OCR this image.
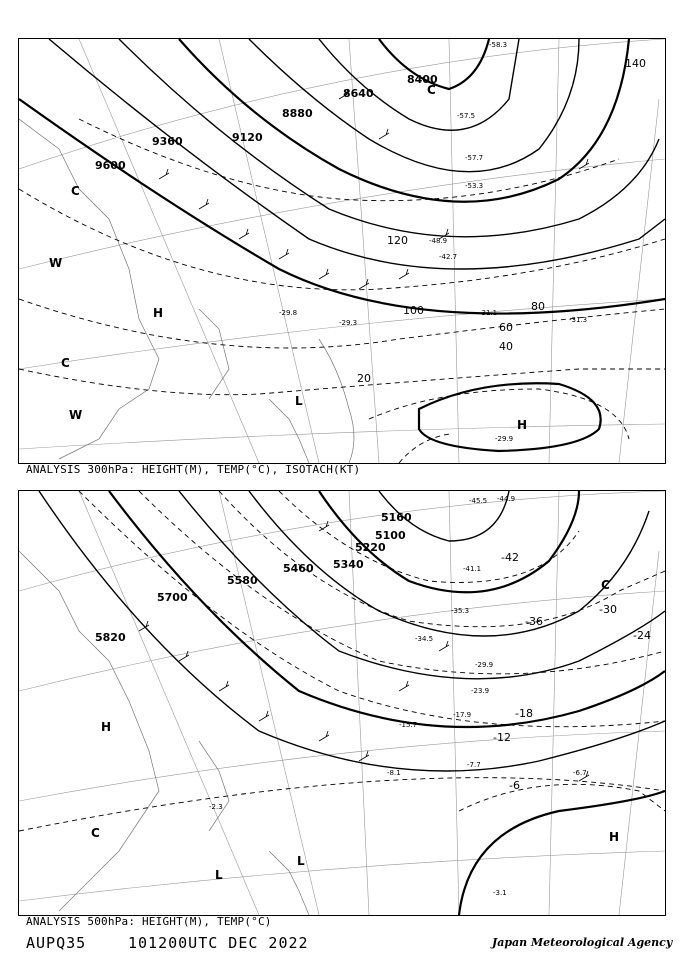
20
40
60
80
100
120
140
9600
9360	9120
8880
8640
8400
H
H
L
W
W
C
C
C
-58.3
-57.5
-57.7
-53.3
-48.9
-42.7
-31.3
-31.1
-29.9
-29.8
-29.3
ANALYSIS 300hPa: HEIGHT(M), TEMP(°C), ISOTACH(KT)
-42
-36
-30
-24
-18
-12
-6
5820
5700
5580
5460 5340
5220
5100
5160
H
H
L
L
C
C
-45.5 -44.9
-41.1
-35.3
-34.5
-29.9
-23.9
-17.9
-15.7
-8.1
-7.7
-6.7
-3.1
-2.3
ANALYSIS 500hPa: HEIGHT(M), TEMP(°C)
AUPQ35	101200UTC DEC 2022	Japan Meteorological Agency
